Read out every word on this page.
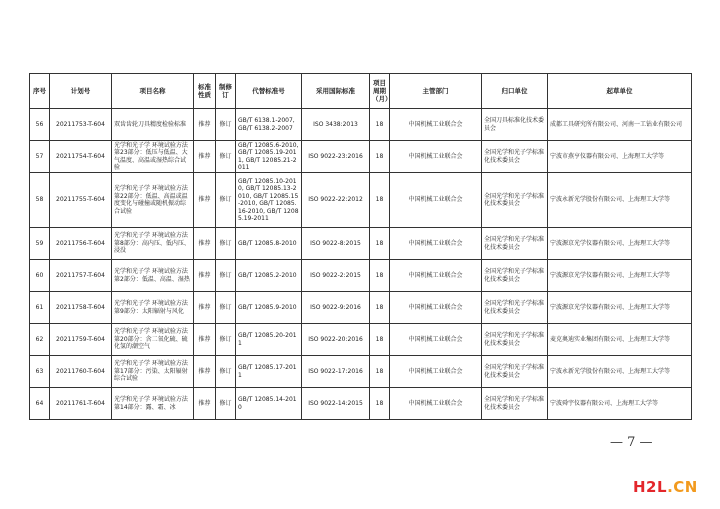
序号	计划号	项目名称	标准性质	制修订	代替标准号	采用国际标准	项目周期（月）	主管部门	归口单位	起草单位
56	20211753-T-604	双齿齿轮刀具精度检验标准	推荐	修订	GB/T 6138.1-2007, GB/T 6138.2-2007	ISO 3438:2013	18	中国机械工业联合会	全国刀具标准化技术委员会	成都工具研究所有限公司、河南一工钻业有限公司
57	20211754-T-604	光学和光子学 环境试验方法 第23部分：低压与低温、大气温度、高温或湿热综合试验	推荐	修订	GB/T 12085.6-2010, GB/T 12085.19-2011, GB/T 12085.21-2011	ISO 9022-23:2016	18	中国机械工业联合会	全国光学和光子学标准化技术委员会	宁波市燕亨仪器有限公司、上海理工大学等
58	20211755-T-604	光学和光子学 环境试验方法 第22部分：低温、高温或温度变化与碰撞或随机振动综合试验	推荐	修订	GB/T 12085.10-2010, GB/T 12085.13-2010, GB/T 12085.15-2010, GB/T 12085.16-2010, GB/T 12085.19-2011	ISO 9022-22:2012	18	中国机械工业联合会	全国光学和光子学标准化技术委员会	宁波永新光学股份有限公司、上海理工大学等
59	20211756-T-604	光学和光子学 环境试验方法 第8部分：高内压、低内压、浸没	推荐	修订	GB/T 12085.8-2010	ISO 9022-8:2015	18	中国机械工业联合会	全国光学和光子学标准化技术委员会	宁波源京光学仪器有限公司、上海理工大学等
60	20211757-T-604	光学和光子学 环境试验方法 第2部分：低温、高温、湿热	推荐	修订	GB/T 12085.2-2010	ISO 9022-2:2015	18	中国机械工业联合会	全国光学和光子学标准化技术委员会	宁波源京光学仪器有限公司、上海理工大学等
61	20211758-T-604	光学和光子学 环境试验方法第9部分：太阳辐射与风化	推荐	修订	GB/T 12085.9-2010	ISO 9022-9:2016	18	中国机械工业联合会	全国光学和光子学标准化技术委员会	宁波源京光学仪器有限公司、上海理工大学等
62	20211759-T-604	光学和光子学 环境试验方法 第20部分：含二氧化硫、硫化氢的潮空气	推荐	修订	GB/T 12085.20-2011	ISO 9022-20:2016	18	中国机械工业联合会	全国光学和光子学标准化技术委员会	麦克奥迪实业集团有限公司、上海理工大学等
63	20211760-T-604	光学和光子学 环境试验方法 第17部分：污染、太阳辐射综合试验	推荐	修订	GB/T 12085.17-2011	ISO 9022-17:2016	18	中国机械工业联合会	全国光学和光子学标准化技术委员会	宁波永新光学股份有限公司、上海理工大学等
64	20211761-T-604	光学和光子学 环境试验方法第14部分：露、霜、冰	推荐	修订	GB/T 12085.14-2010	ISO 9022-14:2015	18	中国机械工业联合会	全国光学和光子学标准化技术委员会	宁波舜宇仪器有限公司、上海理工大学等
— 7 —
H2L.CN
